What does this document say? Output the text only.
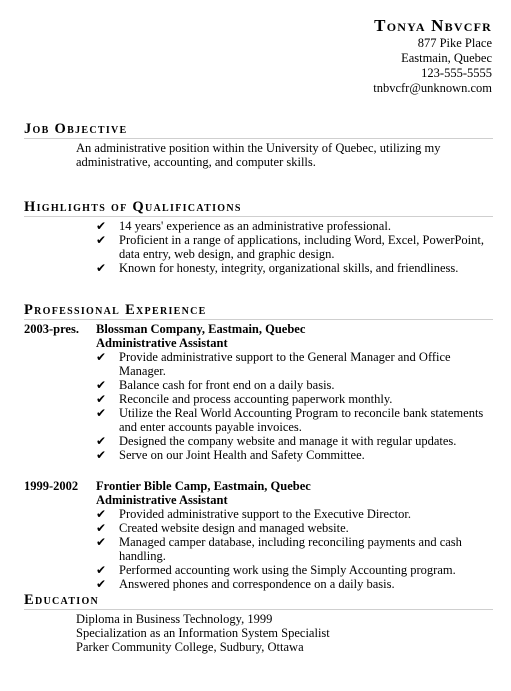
Tonya Nbvcfr
877 Pike Place
Eastmain, Quebec
123-555-5555
tnbvcfr@unknown.com
Job Objective
An administrative position within the University of Quebec, utilizing my administrative, accounting, and computer skills.
Highlights of Qualifications
✔ 14 years' experience as an administrative professional.
✔ Proficient in a range of applications, including Word, Excel, PowerPoint, data entry, web design, and graphic design.
✔ Known for honesty, integrity, organizational skills, and friendliness.
Professional Experience
2003-pres.	Blossman Company, Eastmain, Quebec
Administrative Assistant
✔ Provide administrative support to the General Manager and Office Manager.
✔ Balance cash for front end on a daily basis.
✔ Reconcile and process accounting paperwork monthly.
✔ Utilize the Real World Accounting Program to reconcile bank statements and enter accounts payable invoices.
✔ Designed the company website and manage it with regular updates.
✔ Serve on our Joint Health and Safety Committee.
1999-2002	Frontier Bible Camp, Eastmain, Quebec
Administrative Assistant
✔ Provided administrative support to the Executive Director.
✔ Created website design and managed website.
✔ Managed camper database, including reconciling payments and cash handling.
✔ Performed accounting work using the Simply Accounting program.
✔ Answered phones and correspondence on a daily basis.
Education
Diploma in Business Technology, 1999
Specialization as an Information System Specialist
Parker Community College, Sudbury, Ottawa
